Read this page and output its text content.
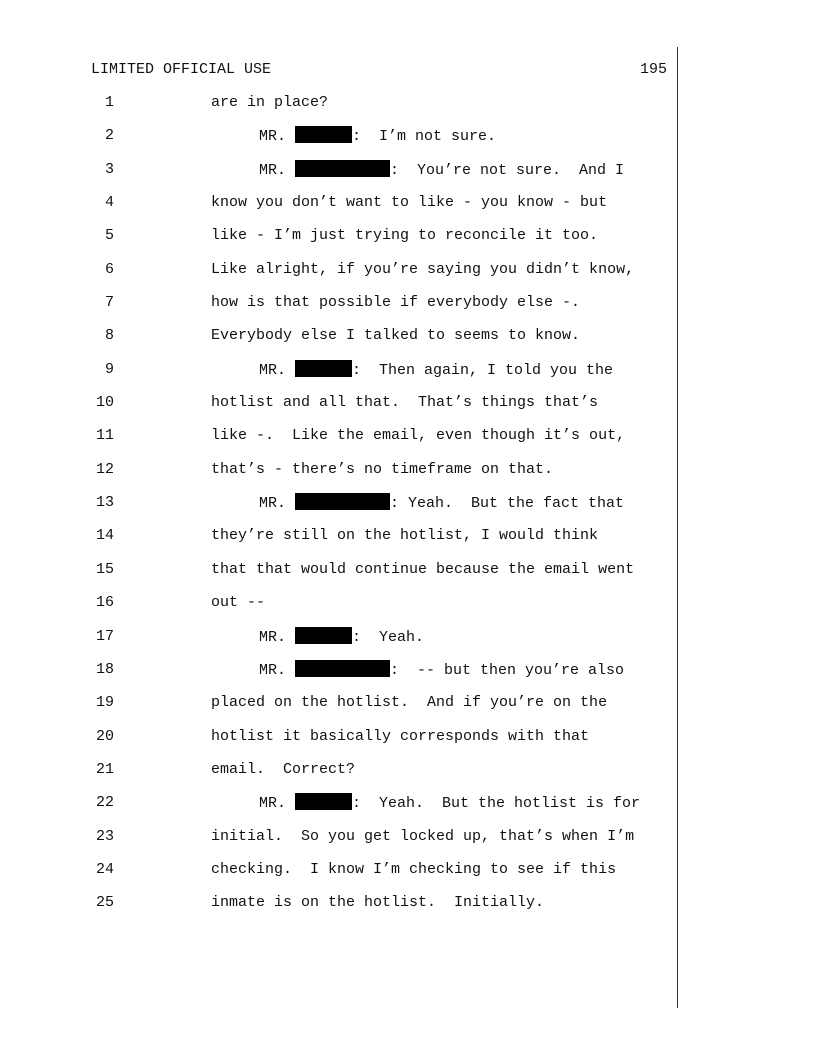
LIMITED OFFICIAL USE	195
1	are in place?
2	MR.	:  I’m not sure.
3	MR.	:  You’re not sure.  And I
4	know you don’t want to like - you know - but
5	like - I’m just trying to reconcile it too.
6	Like alright, if you’re saying you didn’t know,
7	how is that possible if everybody else -.
8	Everybody else I talked to seems to know.
9	MR.	:  Then again, I told you the
10	hotlist and all that.  That’s things that’s
11	like -.  Like the email, even though it’s out,
12	that’s - there’s no timeframe on that.
13	MR.	: Yeah.  But the fact that
14	they’re still on the hotlist, I would think
15	that that would continue because the email went
16	out --
17	MR.	:  Yeah.
18	MR.	:  -- but then you’re also
19	placed on the hotlist.  And if you’re on the
20	hotlist it basically corresponds with that
21	email.  Correct?
22	MR.	:  Yeah.  But the hotlist is for
23	initial.  So you get locked up, that’s when I’m
24	checking.  I know I’m checking to see if this
25	inmate is on the hotlist.  Initially.
